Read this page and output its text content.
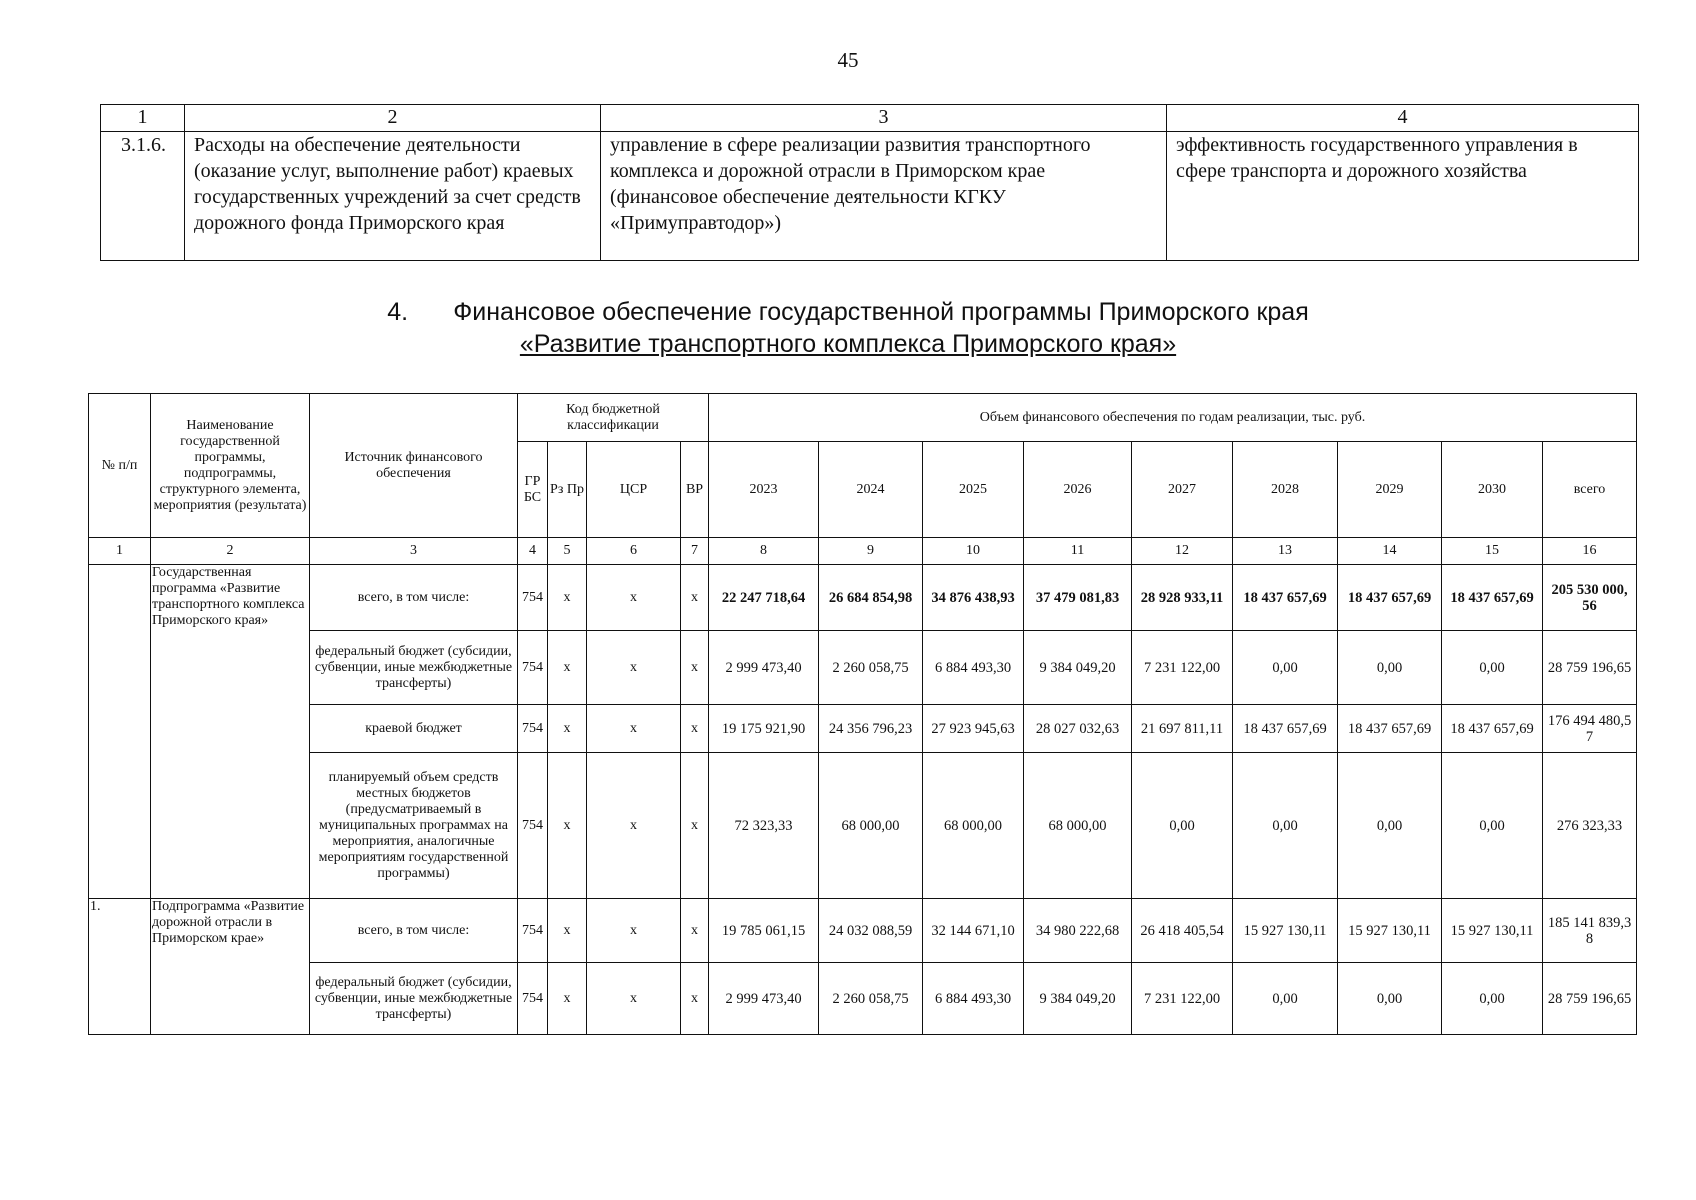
45
1	2	3	4
3.1.6.	Расходы на обеспечение деятельности (оказание услуг, выполнение работ) краевых государственных учреждений за счет средств дорожного фонда Приморского края	управление в сфере реализации развития транспортного комплекса и дорожной отрасли в Приморском крае (финансовое обеспечение деятельности КГКУ «Примуправтодор»)	эффективность государственного управления в сфере транспорта и дорожного хозяйства
4. Финансовое обеспечение государственной программы Приморского края
«Развитие транспортного комплекса Приморского края»
№ п/п	Наименование государственной программы, подпрограммы, структурного элемента, мероприятия (результата)	Источник финансового обеспечения	Код бюджетной классификации				Объем финансового обеспечения по годам реализации, тыс. руб.								
			ГР БС	Рз Пр	ЦСР	ВР	2023	2024	2025	2026	2027	2028	2029	2030	всего
1	2	3	4	5	6	7	8	9	10	11	12	13	14	15	16
	Государственная программа «Развитие транспортного комплекса Приморского края»	всего, в том числе:	754	х	х	х	22 247 718,64	26 684 854,98	34 876 438,93	37 479 081,83	28 928 933,11	18 437 657,69	18 437 657,69	18 437 657,69	205 530 000, 56
		федеральный бюджет (субсидии, субвенции, иные межбюджетные трансферты)	754	х	х	х	2 999 473,40	2 260 058,75	6 884 493,30	9 384 049,20	7 231 122,00	0,00	0,00	0,00	28 759 196,65
		краевой бюджет	754	х	х	х	19 175 921,90	24 356 796,23	27 923 945,63	28 027 032,63	21 697 811,11	18 437 657,69	18 437 657,69	18 437 657,69	176 494 480,5 7
		планируемый объем средств местных бюджетов (предусматриваемый в муниципальных программах на мероприятия, аналогичные мероприятиям государственной программы)	754	х	х	х	72 323,33	68 000,00	68 000,00	68 000,00	0,00	0,00	0,00	0,00	276 323,33
1.	Подпрограмма «Развитие дорожной отрасли в Приморском крае»	всего, в том числе:	754	х	х	х	19 785 061,15	24 032 088,59	32 144 671,10	34 980 222,68	26 418 405,54	15 927 130,11	15 927 130,11	15 927 130,11	185 141 839,3 8
		федеральный бюджет (субсидии, субвенции, иные межбюджетные трансферты)	754	х	х	х	2 999 473,40	2 260 058,75	6 884 493,30	9 384 049,20	7 231 122,00	0,00	0,00	0,00	28 759 196,65
